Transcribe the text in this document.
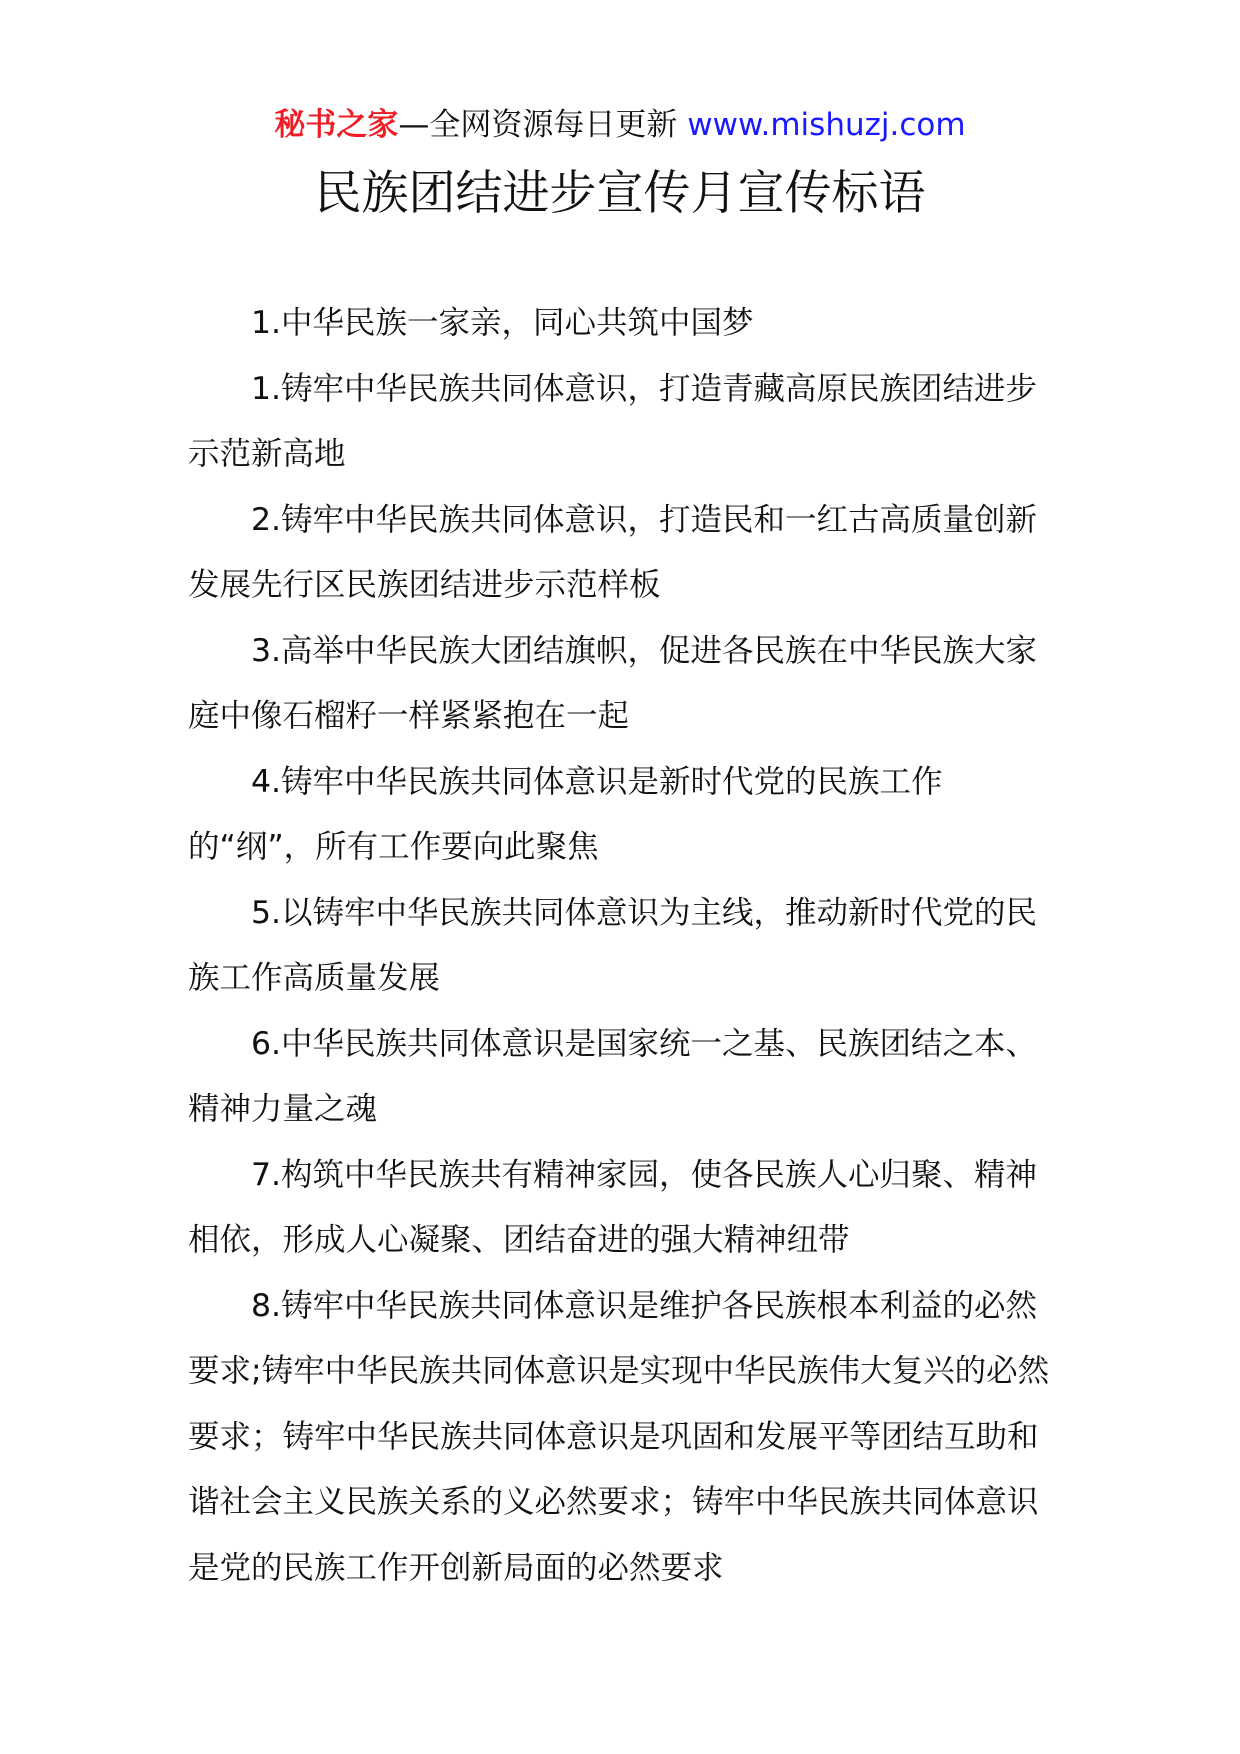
秘书之家—全网资源每日更新 www.mishuzj.com
民族团结进步宣传月宣传标语

1.中华民族一家亲，同心共筑中国梦

1.铸牢中华民族共同体意识，打造青藏高原民族团结进步示范新高地

2.铸牢中华民族共同体意识，打造民和一红古高质量创新发展先行区民族团结进步示范样板

3.高举中华民族大团结旗帜，促进各民族在中华民族大家庭中像石榴籽一样紧紧抱在一起

4.铸牢中华民族共同体意识是新时代党的民族工作的“纲”，所有工作要向此聚焦

5.以铸牢中华民族共同体意识为主线，推动新时代党的民族工作高质量发展

6.中华民族共同体意识是国家统一之基、民族团结之本、精神力量之魂

7.构筑中华民族共有精神家园，使各民族人心归聚、精神相依，形成人心凝聚、团结奋进的强大精神纽带

8.铸牢中华民族共同体意识是维护各民族根本利益的必然要求;铸牢中华民族共同体意识是实现中华民族伟大复兴的必然要求；铸牢中华民族共同体意识是巩固和发展平等团结互助和谐社会主义民族关系的义必然要求；铸牢中华民族共同体意识是党的民族工作开创新局面的必然要求
